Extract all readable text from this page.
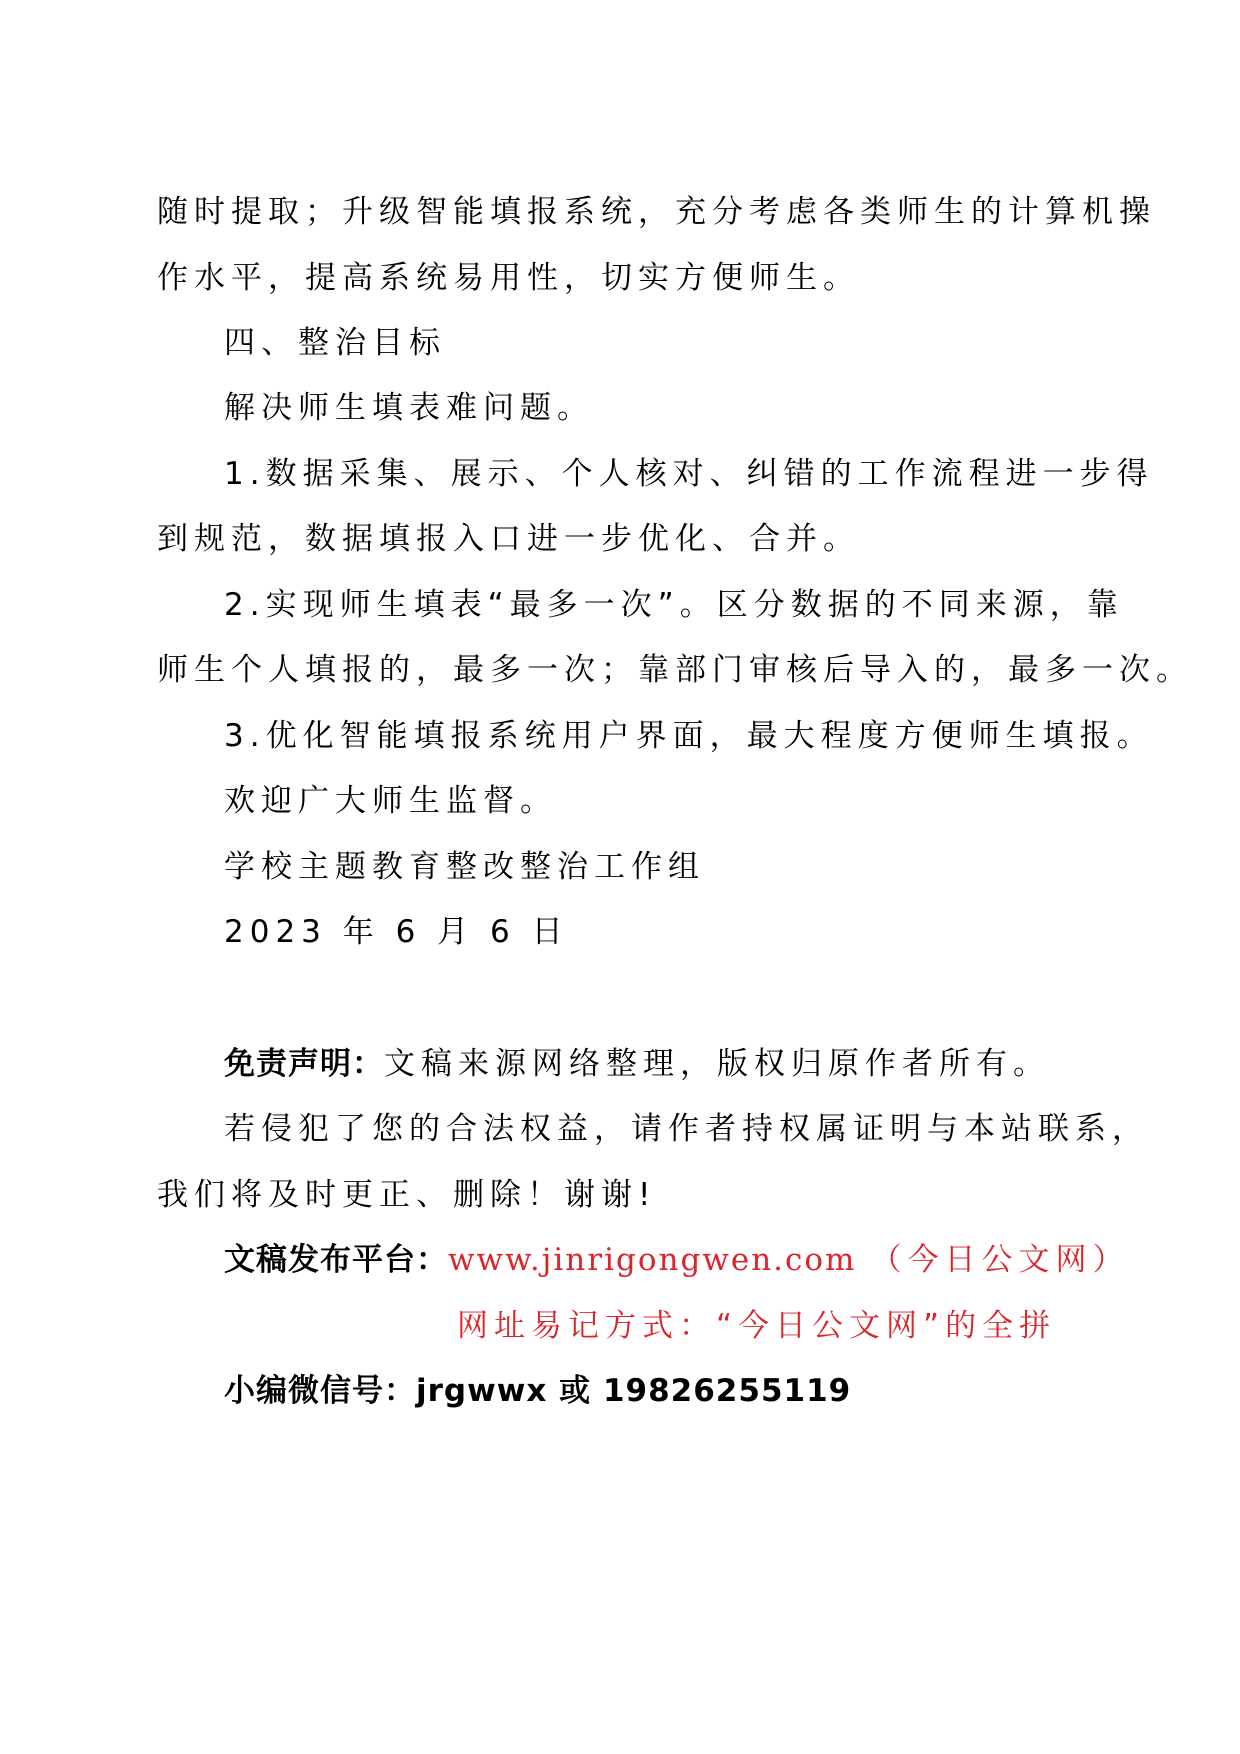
随时提取；升级智能填报系统，充分考虑各类师生的计算机操
作水平，提高系统易用性，切实方便师生。
四、整治目标
解决师生填表难问题。
1.数据采集、展示、个人核对、纠错的工作流程进一步得
到规范，数据填报入口进一步优化、合并。
2.实现师生填表“最多一次”。区分数据的不同来源，靠
师生个人填报的，最多一次；靠部门审核后导入的，最多一次。
3.优化智能填报系统用户界面，最大程度方便师生填报。
欢迎广大师生监督。
学校主题教育整改整治工作组
2023 年 6 月 6 日
免责声明：文稿来源网络整理，版权归原作者所有。
若侵犯了您的合法权益，请作者持权属证明与本站联系，
我们将及时更正、删除！谢谢!
文稿发布平台：www.jinrigongwen.com （今日公文网）
网址易记方式：“今日公文网”的全拼
小编微信号：jrgwwx 或 19826255119
